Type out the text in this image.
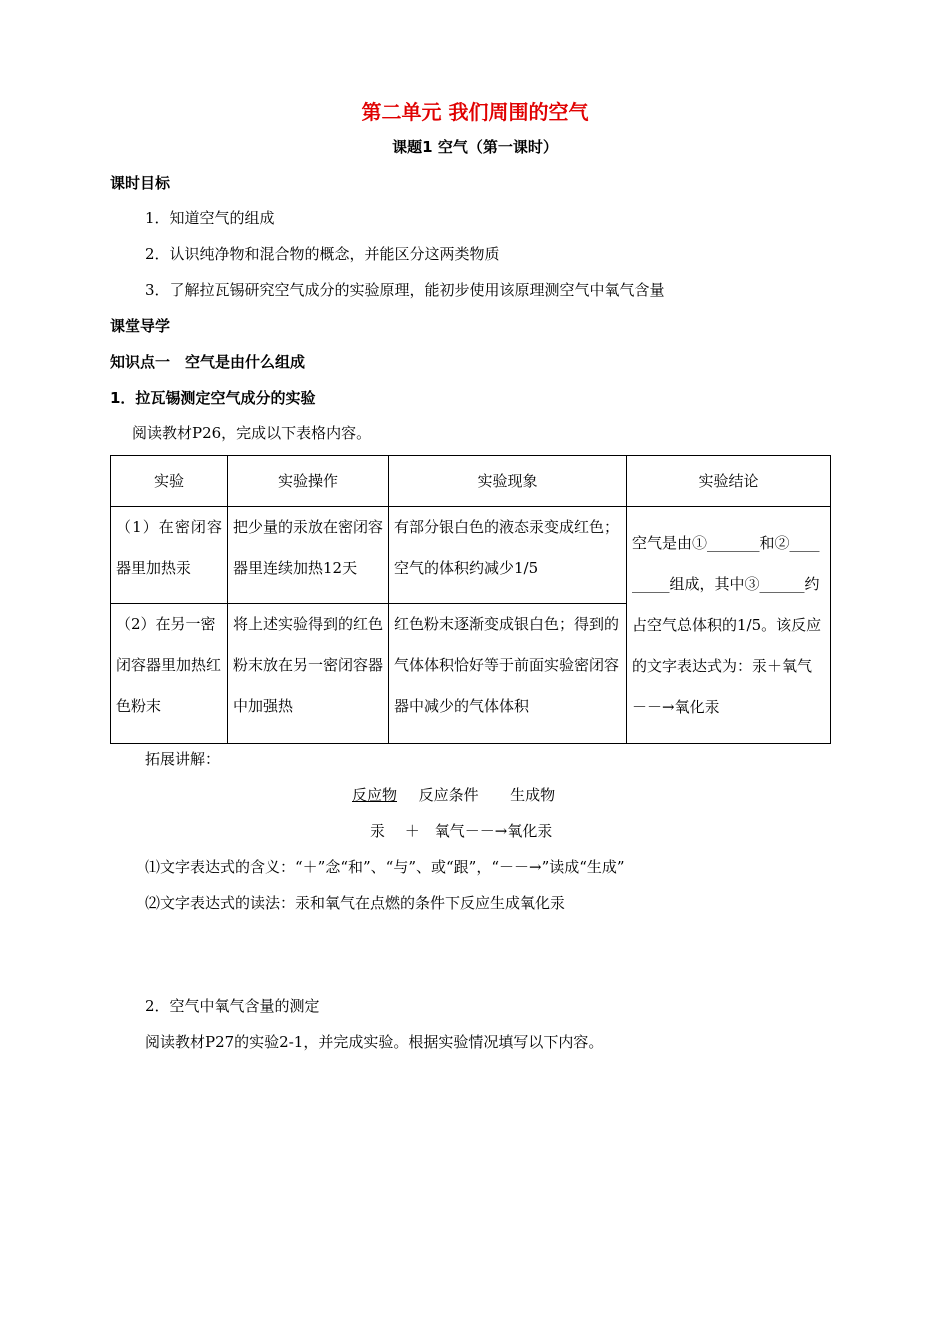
第二单元 我们周围的空气
课题1 空气（第一课时）
课时目标
1．知道空气的组成
2．认识纯净物和混合物的概念，并能区分这两类物质
3．了解拉瓦锡研究空气成分的实验原理，能初步使用该原理测空气中氧气含量
课堂导学
知识点一　空气是由什么组成
1．拉瓦锡测定空气成分的实验
阅读教材P26，完成以下表格内容。
实验	实验操作	实验现象	实验结论
（1）在密闭容器里加热汞	把少量的汞放在密闭容器里连续加热12天	有部分银白色的液态汞变成红色；空气的体积约减少1/5	空气是由①_______和②_________组成，其中③______约占空气总体积的1/5。该反应的文字表达式为：汞＋氧气－－→氧化汞
（2）在另一密闭容器里加热红色粉末	将上述实验得到的红色粉末放在另一密闭容器中加强热	红色粉末逐渐变成银白色；得到的气体体积恰好等于前面实验密闭容器中减少的气体体积	
拓展讲解：
反应物 反应条件 生成物
汞　 ＋　氧气－－→氧化汞
⑴文字表达式的含义：“＋”念“和”、“与”、或“跟”，“－－→”读成“生成”
⑵文字表达式的读法：汞和氧气在点燃的条件下反应生成氧化汞
2．空气中氧气含量的测定
阅读教材P27的实验2-1，并完成实验。根据实验情况填写以下内容。
